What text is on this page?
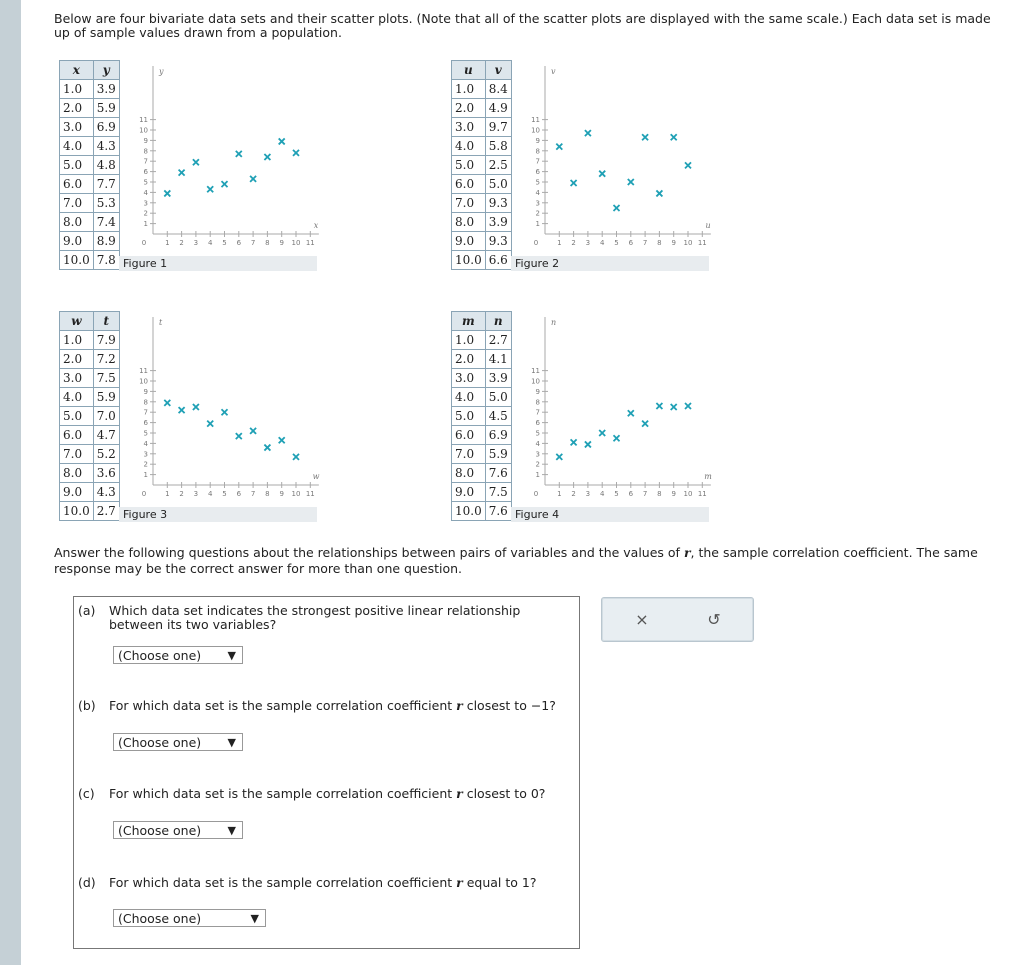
Below are four bivariate data sets and their scatter plots. (Note that all of the scatter plots are displayed with the same scale.) Each data set is made up of sample values drawn from a population.
x	y
1.0	3.9
2.0	5.9
3.0	6.9
4.0	4.3
5.0	4.8
6.0	7.7
7.0	5.3
8.0	7.4
9.0	8.9
10.0	7.8 Figure 1
1
2
3
4
5
6
7
8
9
10
11
1 2 3 4 5 6 7 8 9 10 11
0
y
x
u	v
1.0	8.4
2.0	4.9
3.0	9.7
4.0	5.8
5.0	2.5
6.0	5.0
7.0	9.3
8.0	3.9
9.0	9.3
10.0	6.6 Figure 2
1
2
3
4
5
6
7
8
9
10
11
1 2 3 4 5 6 7 8 9 10 11
0
v
u
w	t
1.0	7.9
2.0	7.2
3.0	7.5
4.0	5.9
5.0	7.0
6.0	4.7
7.0	5.2
8.0	3.6
9.0	4.3
10.0	2.7 Figure 3
1
2
3
4
5
6
7
8
9
10
11
1 2 3 4 5 6 7 8 9 10 11
0
t
w
m	n
1.0	2.7
2.0	4.1
3.0	3.9
4.0	5.0
5.0	4.5
6.0	6.9
7.0	5.9
8.0	7.6
9.0	7.5
10.0	7.6 Figure 4
1
2
3
4
5
6
7
8
9
10
11
1 2 3 4 5 6 7 8 9 10 11
0
n
m
Answer the following questions about the relationships between pairs of variables and the values of r, the sample correlation coefficient. The same response may be the correct answer for more than one question.
(a) Which data set indicates the strongest positive linear relationship between its two variables?
(Choose one) ▼
(b) For which data set is the sample correlation coefficient r closest to −1?
(Choose one) ▼
(c) For which data set is the sample correlation coefficient r closest to 0?
(Choose one) ▼
(d) For which data set is the sample correlation coefficient r equal to 1?
(Choose one)	▼
×	↺
